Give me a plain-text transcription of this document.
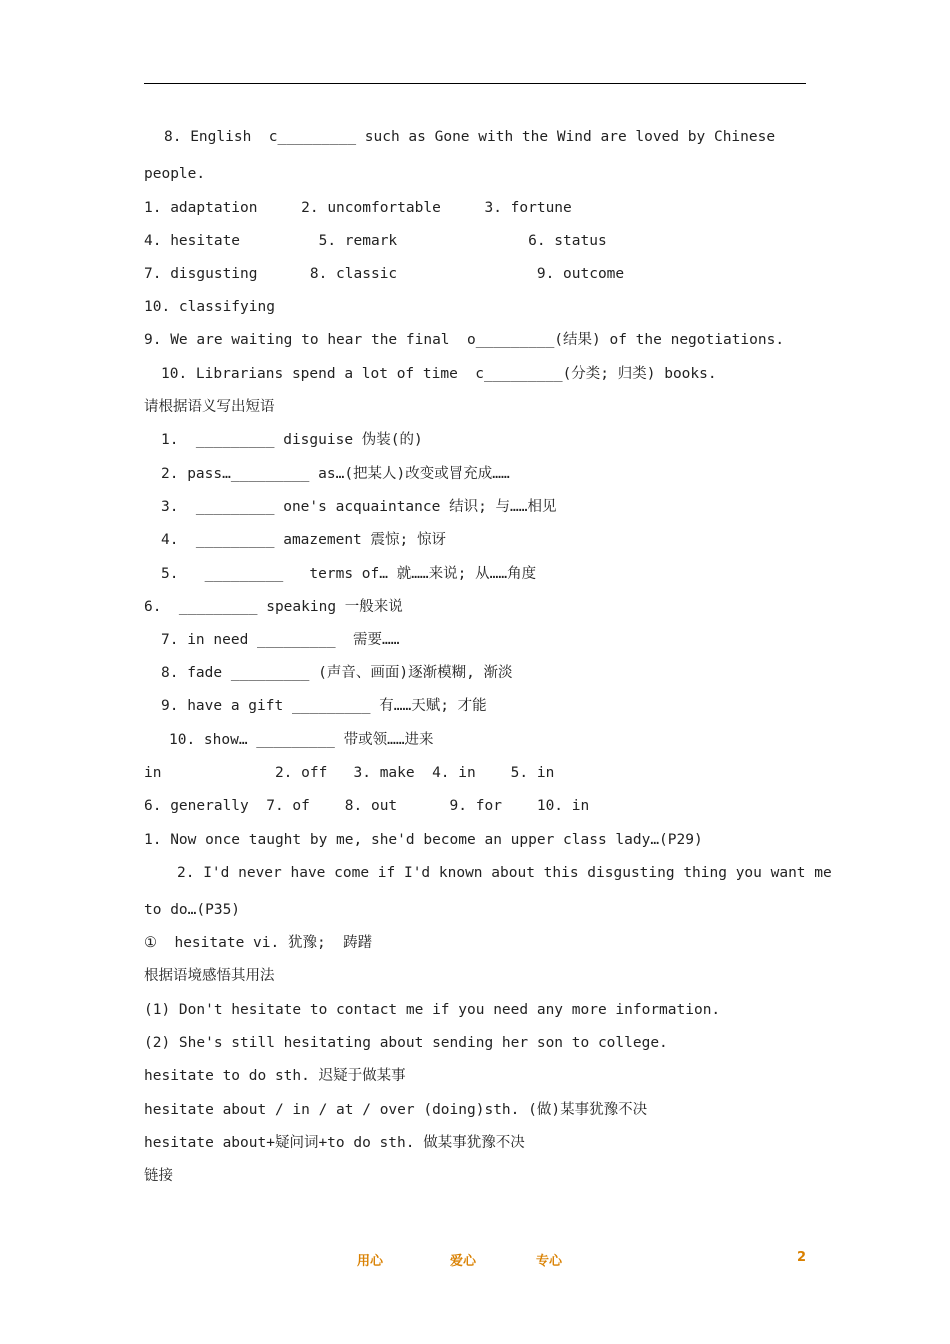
8. English  c_________ such as Gone with the Wind are loved by Chinese
people.
1. adaptation     2. uncomfortable     3. fortune
4. hesitate         5. remark               6. status
7. disgusting      8. classic                9. outcome
10. classifying
9. We are waiting to hear the final  o_________(结果) of the negotiations.
10. Librarians spend a lot of time  c_________(分类; 归类) books.
请根据语义写出短语
1.  _________ disguise 伪装(的)
2. pass…_________ as…(把某人)改变或冒充成……
3.  _________ one's acquaintance 结识; 与……相见
4.  _________ amazement 震惊; 惊讶
5.   _________   terms of… 就……来说; 从……角度
6.  _________ speaking 一般来说
7. in need _________  需要……
8. fade _________ (声音、画面)逐渐模糊, 渐淡
9. have a gift _________ 有……天赋; 才能
10. show… _________ 带或领……进来
in             2. off   3. make  4. in    5. in
6. generally  7. of    8. out      9. for    10. in
1. Now once taught by me, she'd become an upper class lady…(P29)
2. I'd never have come if I'd known about this disgusting thing you want me
to do…(P35)
①  hesitate vi. 犹豫;  踌躇
根据语境感悟其用法
(1) Don't hesitate to contact me if you need any more information.
(2) She's still hesitating about sending her son to college.
hesitate to do sth. 迟疑于做某事
hesitate about / in / at / over (doing)sth. (做)某事犹豫不决
hesitate about+疑问词+to do sth. 做某事犹豫不决
链接
用心	爱心	专心	2
